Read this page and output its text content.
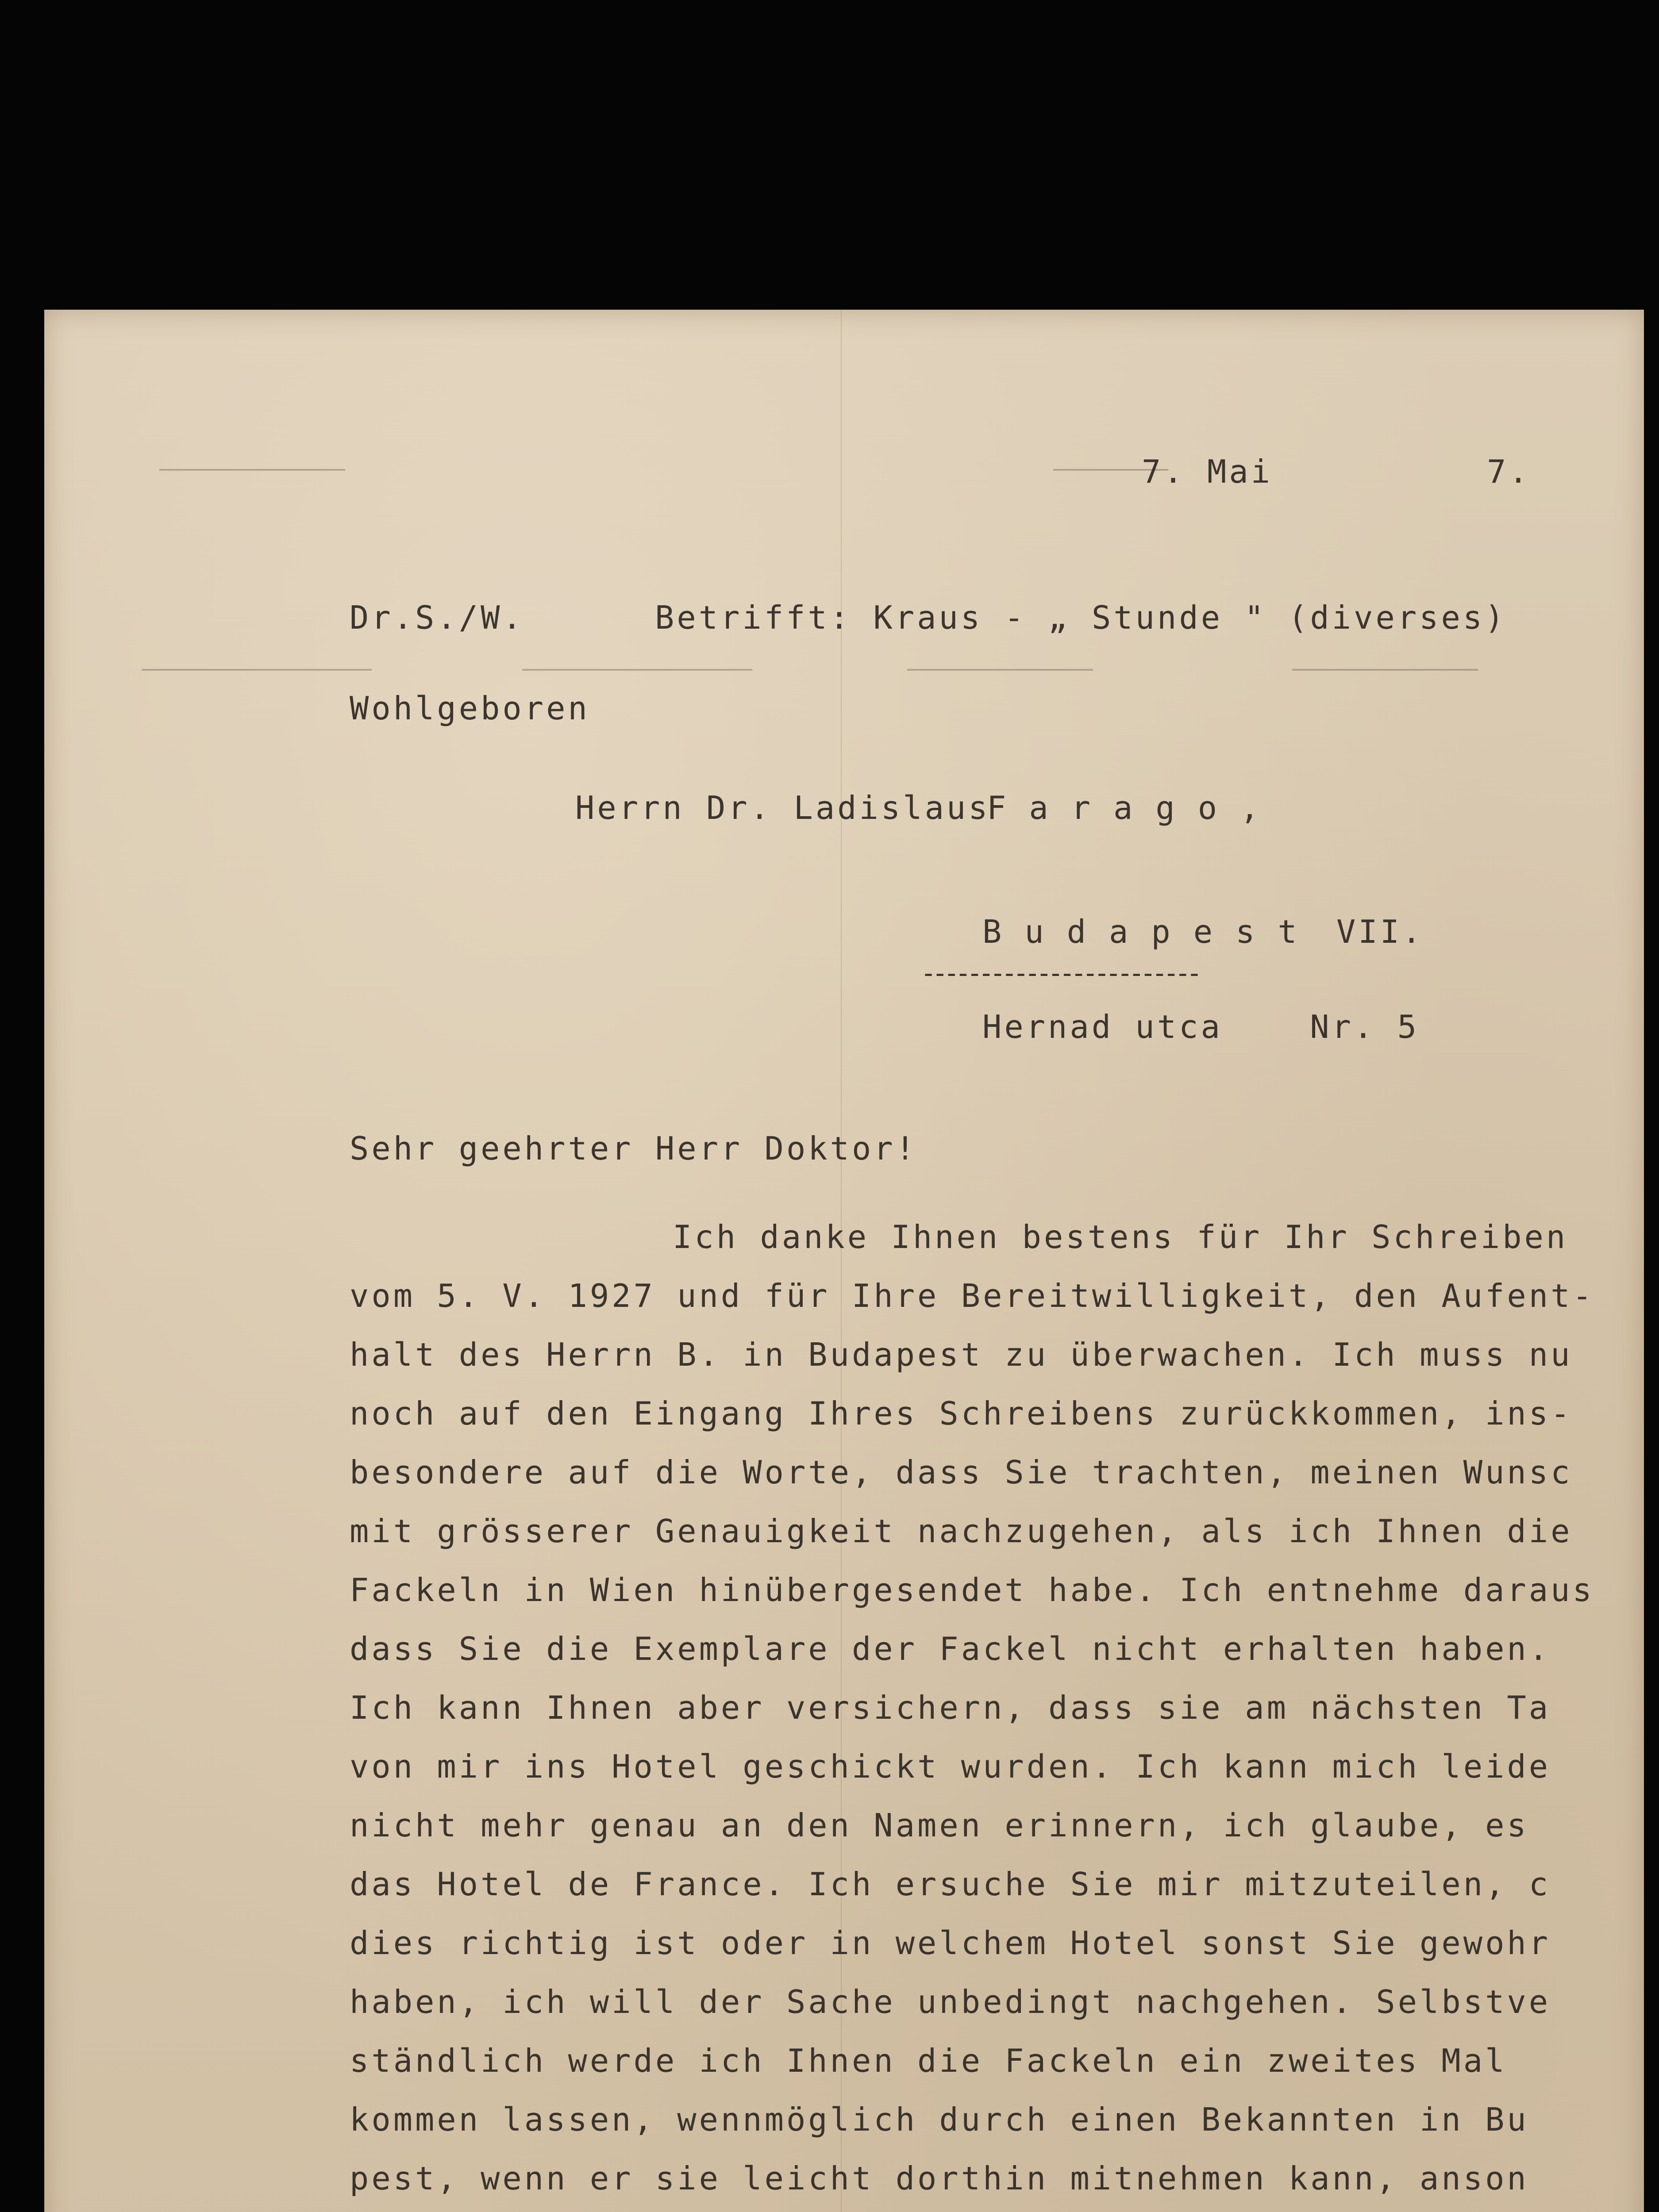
7. Mai	7.

Dr.S./W.	Betrifft: Kraus - „ Stunde " (diverses)

Wohlgeboren

Herrn Dr. Ladislaus

Farago,

Budapest VII.

------------------------

Hernad utca    Nr. 5

Sehr geehrter Herr Doktor!

Ich danke Ihnen bestens für Ihr Schreiben

vom 5. V. 1927 und für Ihre Bereitwilligkeit, den Aufent-

halt des Herrn B. in Budapest zu überwachen. Ich muss nu

noch auf den Eingang Ihres Schreibens zurückkommen, ins-

besondere auf die Worte, dass Sie trachten, meinen Wunsc

mit grösserer Genauigkeit nachzugehen, als ich Ihnen die

Fackeln in Wien hinübergesendet habe. Ich entnehme daraus

dass Sie die Exemplare der Fackel nicht erhalten haben.

Ich kann Ihnen aber versichern, dass sie am nächsten Ta

von mir ins Hotel geschickt wurden. Ich kann mich leide

nicht mehr genau an den Namen erinnern, ich glaube, es

das Hotel de France. Ich ersuche Sie mir mitzuteilen, c

dies richtig ist oder in welchem Hotel sonst Sie gewohr

haben, ich will der Sache unbedingt nachgehen. Selbstve

ständlich werde ich Ihnen die Fackeln ein zweites Mal

kommen lassen, wennmöglich durch einen Bekannten in Bu

pest, wenn er sie leicht dorthin mitnehmen kann, anson
